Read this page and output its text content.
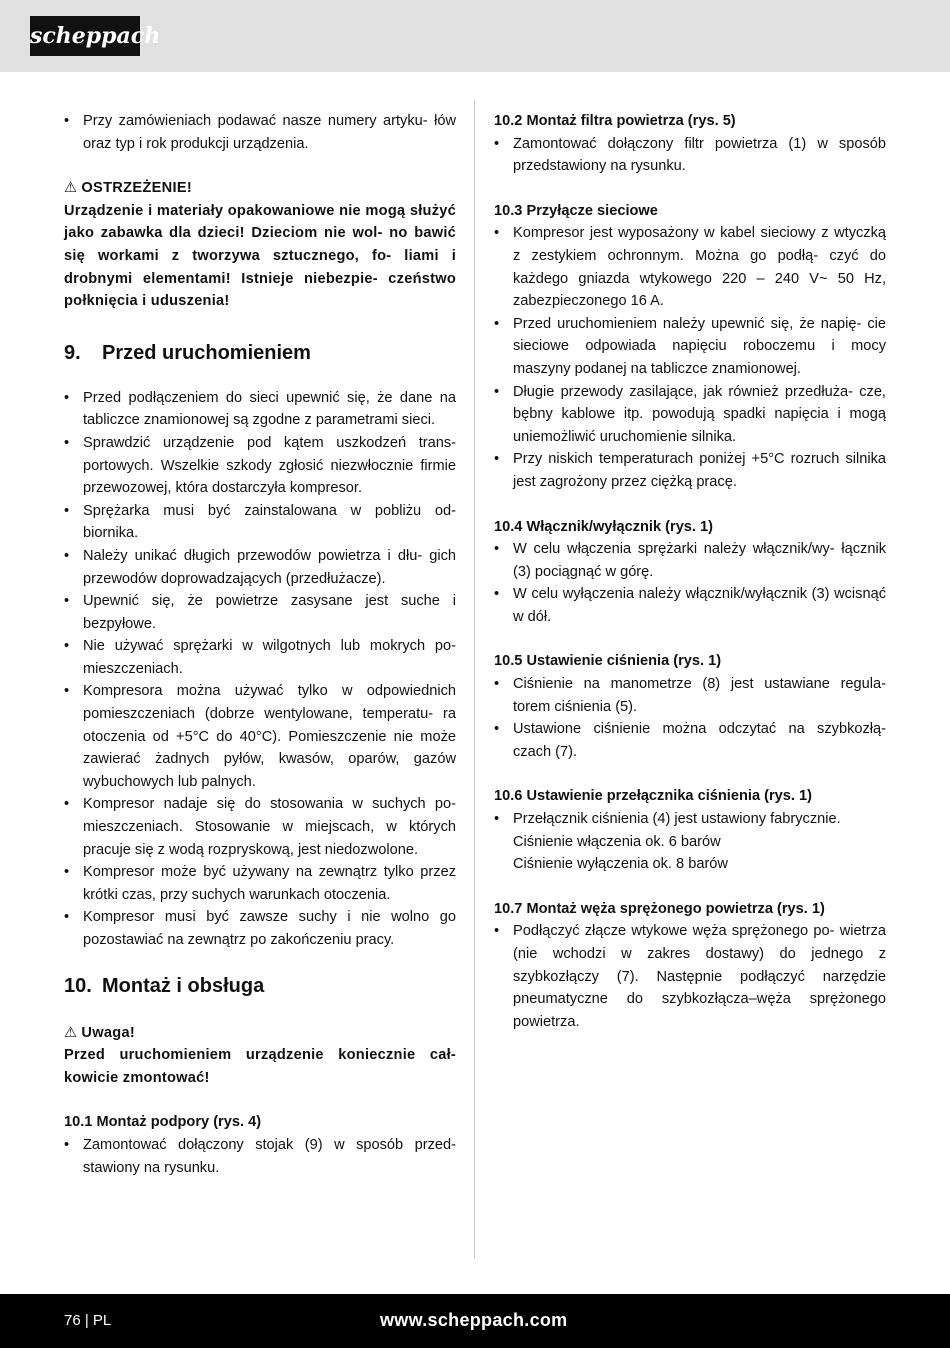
scheppach
• Przy zamówieniach podawać nasze numery artyku- łów oraz typ i rok produkcji urządzenia.
⚠ OSTRZEŻENIE!
Urządzenie i materiały opakowaniowe nie mogą służyć jako zabawka dla dzieci! Dzieciom nie wol- no bawić się workami z tworzywa sztucznego, fo- liami i drobnymi elementami! Istnieje niebezpie- czeństwo połknięcia i uduszenia!
9. Przed uruchomieniem
• Przed podłączeniem do sieci upewnić się, że dane na tabliczce znamionowej są zgodne z parametrami sieci.
• Sprawdzić urządzenie pod kątem uszkodzeń trans- portowych. Wszelkie szkody zgłosić niezwłocznie firmie przewozowej, która dostarczyła kompresor.
• Sprężarka musi być zainstalowana w pobliżu od- biornika.
• Należy unikać długich przewodów powietrza i dłu- gich przewodów doprowadzających (przedłużacze).
• Upewnić się, że powietrze zasysane jest suche i bezpyłowe.
• Nie używać sprężarki w wilgotnych lub mokrych po- mieszczeniach.
• Kompresora można używać tylko w odpowiednich pomieszczeniach (dobrze wentylowane, temperatu- ra otoczenia od +5°C do 40°C). Pomieszczenie nie może zawierać żadnych pyłów, kwasów, oparów, gazów wybuchowych lub palnych.
• Kompresor nadaje się do stosowania w suchych po- mieszczeniach. Stosowanie w miejscach, w których pracuje się z wodą rozpryskową, jest niedozwolone.
• Kompresor może być używany na zewnątrz tylko przez krótki czas, przy suchych warunkach otoczenia.
• Kompresor musi być zawsze suchy i nie wolno go pozostawiać na zewnątrz po zakończeniu pracy.
10. Montaż i obsługa
⚠ Uwaga!
Przed uruchomieniem urządzenie koniecznie cał- kowicie zmontować!
10.1 Montaż podpory (rys. 4)
• Zamontować dołączony stojak (9) w sposób przed- stawiony na rysunku.
10.2 Montaż filtra powietrza (rys. 5)
• Zamontować dołączony filtr powietrza (1) w sposób przedstawiony na rysunku.
10.3 Przyłącze sieciowe
• Kompresor jest wyposażony w kabel sieciowy z wtyczką z zestykiem ochronnym. Można go podłą- czyć do każdego gniazda wtykowego 220 – 240 V~ 50 Hz, zabezpieczonego 16 A.
• Przed uruchomieniem należy upewnić się, że napię- cie sieciowe odpowiada napięciu roboczemu i mocy maszyny podanej na tabliczce znamionowej.
• Długie przewody zasilające, jak również przedłuża- cze, bębny kablowe itp. powodują spadki napięcia i mogą uniemożliwić uruchomienie silnika.
• Przy niskich temperaturach poniżej +5°C rozruch silnika jest zagrożony przez ciężką pracę.
10.4 Włącznik/wyłącznik (rys. 1)
• W celu włączenia sprężarki należy włącznik/wy- łącznik (3) pociągnąć w górę.
• W celu wyłączenia należy włącznik/wyłącznik (3) wcisnąć w dół.
10.5 Ustawienie ciśnienia (rys. 1)
• Ciśnienie na manometrze (8) jest ustawiane regula- torem ciśnienia (5).
• Ustawione ciśnienie można odczytać na szybkozłą- czach (7).
10.6 Ustawienie przełącznika ciśnienia (rys. 1)
• Przełącznik ciśnienia (4) jest ustawiony fabrycznie.
Ciśnienie włączenia ok. 6 barów
Ciśnienie wyłączenia ok. 8 barów
10.7 Montaż węża sprężonego powietrza (rys. 1)
• Podłączyć złącze wtykowe węża sprężonego po- wietrza (nie wchodzi w zakres dostawy) do jednego z szybkozłączy (7). Następnie podłączyć narzędzie pneumatyczne do szybkozłącza–węża sprężonego powietrza.
76 | PL	www.scheppach.com
